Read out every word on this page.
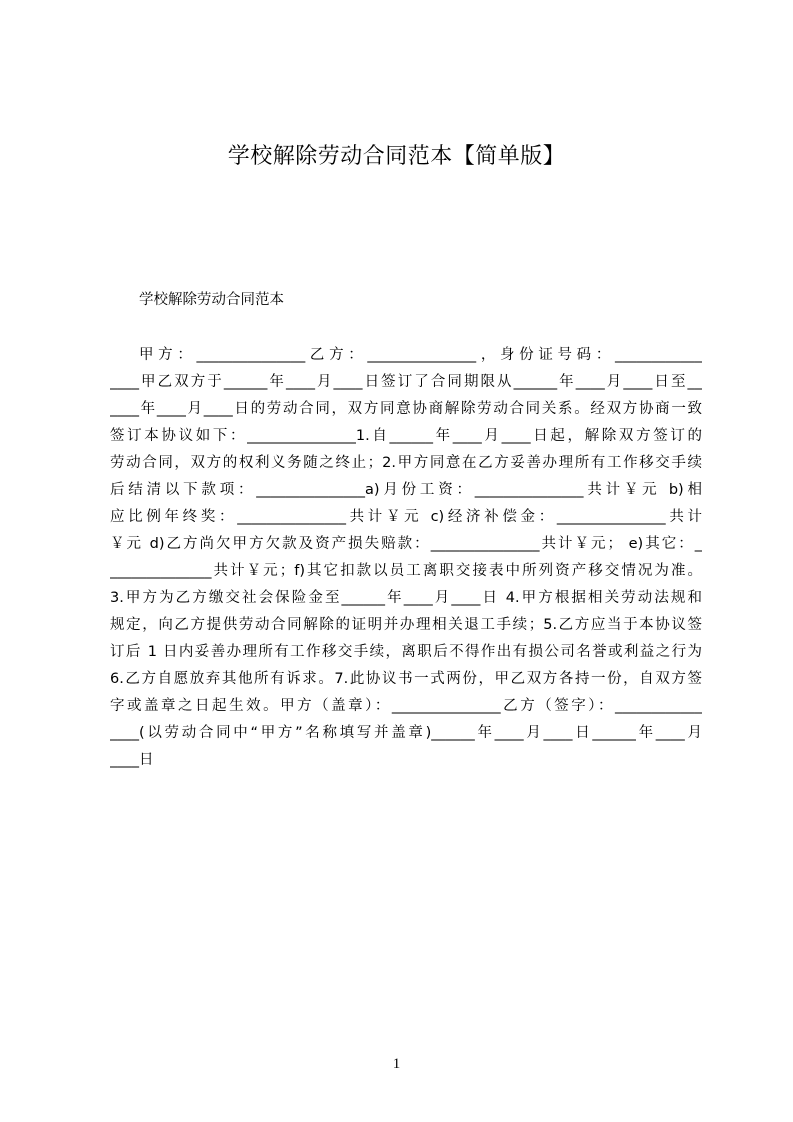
学校解除劳动合同范本【简单版】
学校解除劳动合同范本
甲方：_______________乙方：_______________，身份证号码：____________
____甲乙双方于______年____月____日签订了合同期限从______年____月____日至__
____年____月____日的劳动合同，双方同意协商解除劳动合同关系。经双方协商一致
签订本协议如下：_______________1.自______年____月____日起，解除双方签订的
劳动合同，双方的权利义务随之终止；2.甲方同意在乙方妥善办理所有工作移交手续
后结清以下款项：_______________a)月份工资：_______________共计￥元 b)相
应比例年终奖：_______________共计￥元 c)经济补偿金：_______________共计
￥元 d)乙方尚欠甲方欠款及资产损失赔款：_______________共计￥元； e)其它：_
______________共计￥元；f)其它扣款以员工离职交接表中所列资产移交情况为准。
3.甲方为乙方缴交社会保险金至______年____月____日 4.甲方根据相关劳动法规和
规定，向乙方提供劳动合同解除的证明并办理相关退工手续；5.乙方应当于本协议签
订后 1 日内妥善办理所有工作移交手续，离职后不得作出有损公司名誉或利益之行为
6.乙方自愿放弃其他所有诉求。7.此协议书一式两份，甲乙双方各持一份，自双方签
字或盖章之日起生效。甲方（盖章）：_______________乙方（签字）：____________
____(以劳动合同中“甲方”名称填写并盖章)______年____月____日______年____月
____日
1
